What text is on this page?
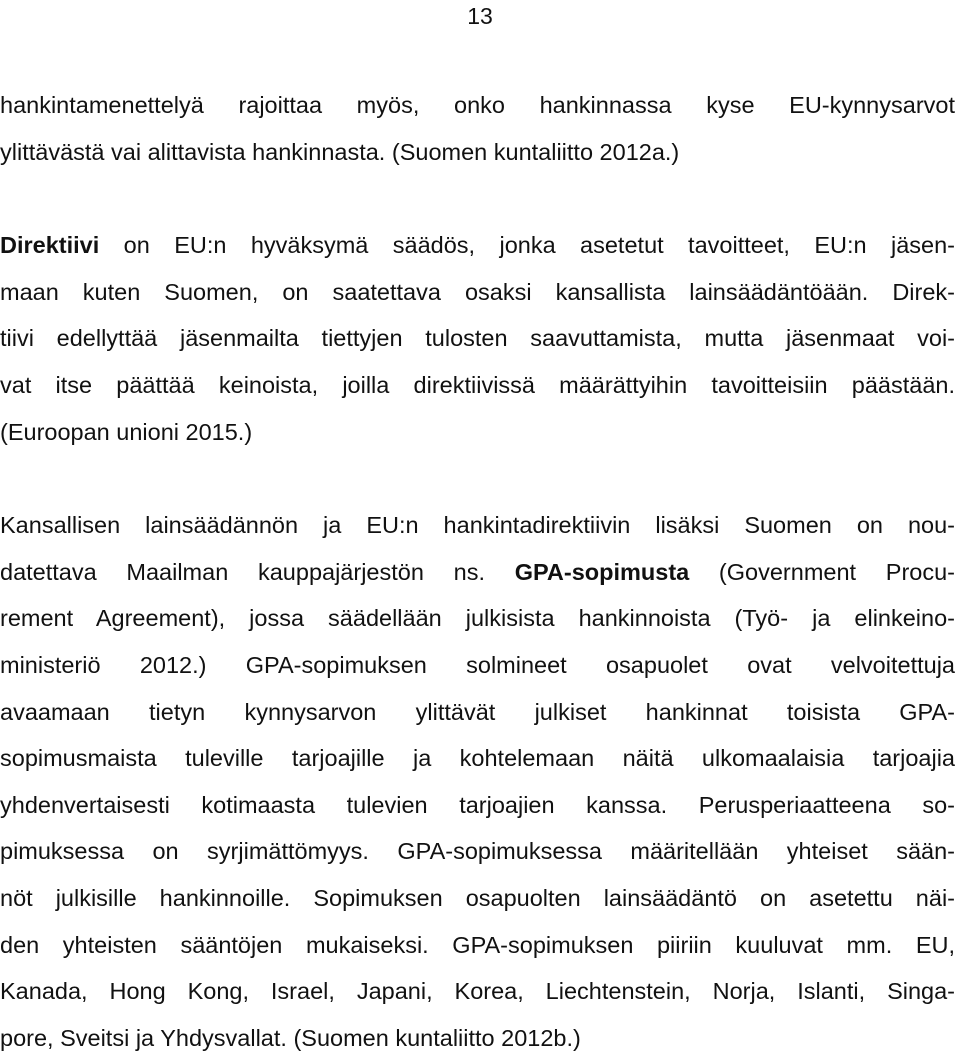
13
hankintamenettelyä rajoittaa myös, onko hankinnassa kyse EU-kynnysarvot
ylittävästä vai alittavista hankinnasta. (Suomen kuntaliitto 2012a.)
Direktiivi on EU:n hyväksymä säädös, jonka asetetut tavoitteet, EU:n jäsen-
maan kuten Suomen, on saatettava osaksi kansallista lainsäädäntöään. Direk-
tiivi edellyttää jäsenmailta tiettyjen tulosten saavuttamista, mutta jäsenmaat voi-
vat itse päättää keinoista, joilla direktiivissä määrättyihin tavoitteisiin päästään.
(Euroopan unioni 2015.)
Kansallisen lainsäädännön ja EU:n hankintadirektiivin lisäksi Suomen on nou-
datettava Maailman kauppajärjestön ns. GPA-sopimusta (Government Procu-
rement Agreement), jossa säädellään julkisista hankinnoista (Työ- ja elinkeino-
ministeriö 2012.) GPA-sopimuksen solmineet osapuolet ovat velvoitettuja
avaamaan tietyn kynnysarvon ylittävät julkiset hankinnat toisista GPA-
sopimusmaista tuleville tarjoajille ja kohtelemaan näitä ulkomaalaisia tarjoajia
yhdenvertaisesti kotimaasta tulevien tarjoajien kanssa. Perusperiaatteena so-
pimuksessa on syrjimättömyys. GPA-sopimuksessa määritellään yhteiset sään-
nöt julkisille hankinnoille. Sopimuksen osapuolten lainsäädäntö on asetettu näi-
den yhteisten sääntöjen mukaiseksi. GPA-sopimuksen piiriin kuuluvat mm. EU,
Kanada, Hong Kong, Israel, Japani, Korea, Liechtenstein, Norja, Islanti, Singa-
pore, Sveitsi ja Yhdysvallat. (Suomen kuntaliitto 2012b.)
